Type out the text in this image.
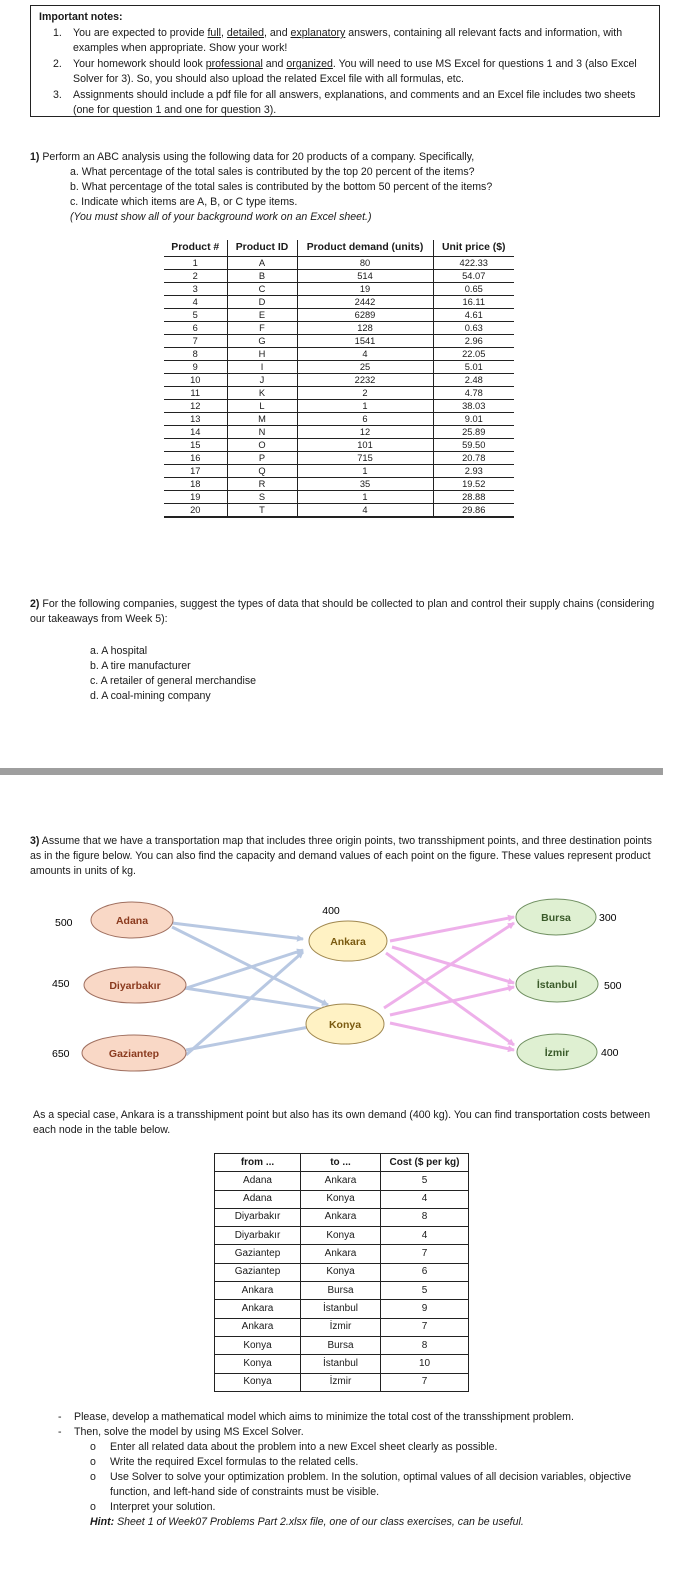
Important notes:
1.	You are expected to provide full, detailed, and explanatory answers, containing all relevant facts and information, with examples when appropriate. Show your work!
2.	Your homework should look professional and organized. You will need to use MS Excel for questions 1 and 3 (also Excel Solver for 3). So, you should also upload the related Excel file with all formulas, etc.
3.	Assignments should include a pdf file for all answers, explanations, and comments and an Excel file includes two sheets (one for question 1 and one for question 3).

1) Perform an ABC analysis using the following data for 20 products of a company. Specifically,

a. What percentage of the total sales is contributed by the top 20 percent of the items?
b. What percentage of the total sales is contributed by the bottom 50 percent of the items?
c. Indicate which items are A, B, or C type items.
(You must show all of your background work on an Excel sheet.)
Product #	Product ID	Product demand (units)	Unit price ($)
1	A	80	422.33
2	B	514	54.07
3	C	19	0.65
4	D	2442	16.11
5	E	6289	4.61
6	F	128	0.63
7	G	1541	2.96
8	H	4	22.05
9	I	25	5.01
10	J	2232	2.48
11	K	2	4.78
12	L	1	38.03
13	M	6	9.01
14	N	12	25.89
15	O	101	59.50
16	P	715	20.78
17	Q	1	2.93
18	R	35	19.52
19	S	1	28.88
20	T	4	29.86

2) For the following companies, suggest the types of data that should be collected to plan and control their supply chains (considering our takeaways from Week 5):

a. A hospital
b. A tire manufacturer
c. A retailer of general merchandise
d. A coal-mining company

3) Assume that we have a transportation map that includes three origin points, two transshipment points, and three destination points as in the figure below. You can also find the capacity and demand values of each point on the figure. These values represent product amounts in units of kg.

Adana
500
Diyarbakır
450
Gaziantep
650
Ankara
400
Konya
Bursa	300
İstanbul	500
İzmir	400

As a special case, Ankara is a transshipment point but also has its own demand (400 kg). You can find transportation costs between each node in the table below.

from ...	to ...	Cost ($ per kg)
Adana	Ankara	5
Adana	Konya	4
Diyarbakır	Ankara	8
Diyarbakır	Konya	4
Gaziantep	Ankara	7
Gaziantep	Konya	6
Ankara	Bursa	5
Ankara	İstanbul	9
Ankara	İzmir	7
Konya	Bursa	8
Konya	İstanbul	10
Konya	İzmir	7
-	Please, develop a mathematical model which aims to minimize the total cost of the transshipment problem.
-	Then, solve the model by using MS Excel Solver.
o	Enter all related data about the problem into a new Excel sheet clearly as possible.
o	Write the required Excel formulas to the related cells.
o	Use Solver to solve your optimization problem. In the solution, optimal values of all decision variables, objective function, and left-hand side of constraints must be visible.
o	Interpret your solution.
Hint: Sheet 1 of Week07 Problems Part 2.xlsx file, one of our class exercises, can be useful.
